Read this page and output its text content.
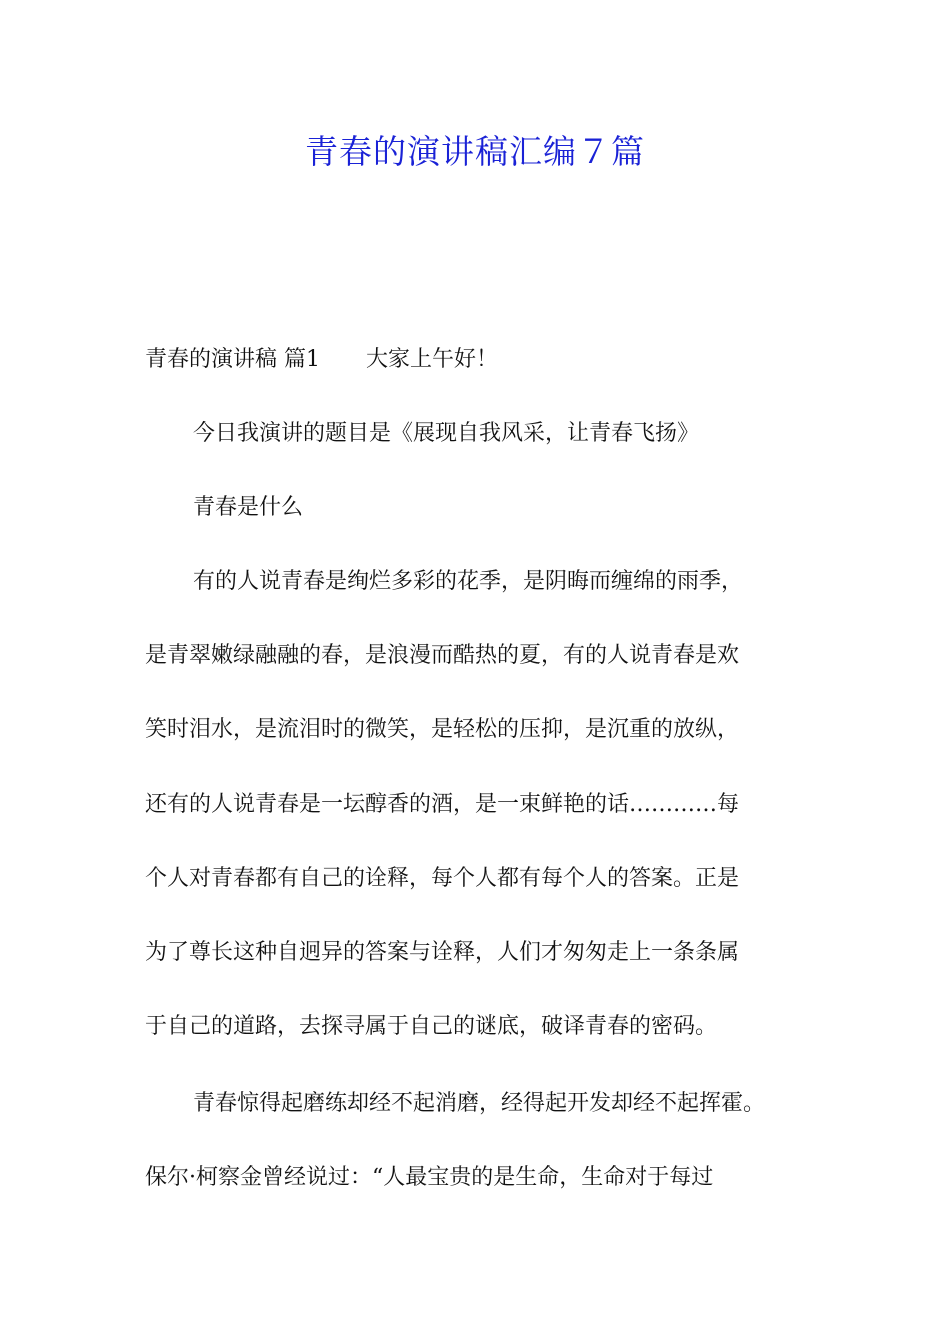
青春的演讲稿汇编７篇
青春的演讲稿 篇1 大家上午好！
今日我演讲的题目是《展现自我风采，让青春飞扬》
青春是什么
有的人说青春是绚烂多彩的花季，是阴晦而缠绵的雨季，
是青翠嫩绿融融的春，是浪漫而酷热的夏，有的人说青春是欢
笑时泪水，是流泪时的微笑，是轻松的压抑，是沉重的放纵，
还有的人说青春是一坛醇香的酒，是一束鲜艳的话…………每
个人对青春都有自己的诠释，每个人都有每个人的答案。正是
为了尊长这种自迥异的答案与诠释，人们才匆匆走上一条条属
于自己的道路，去探寻属于自己的谜底，破译青春的密码。
青春惊得起磨练却经不起消磨，经得起开发却经不起挥霍。
保尔·柯察金曾经说过：“人最宝贵的是生命，生命对于每过
